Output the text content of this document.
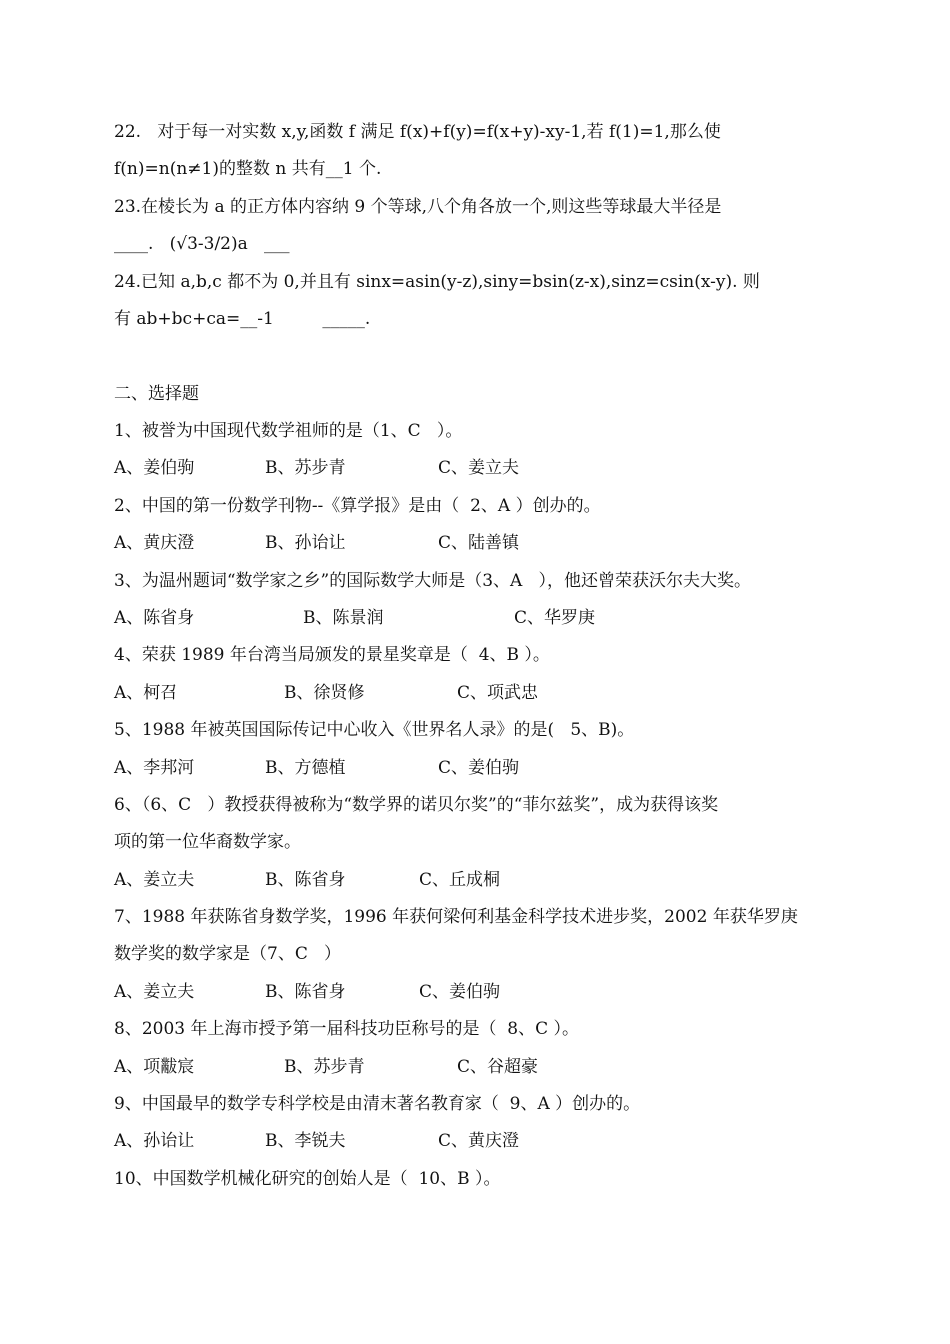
22.   对于每一对实数 x,y,函数 f 满足 f(x)+f(y)=f(x+y)-xy-1,若 f(1)=1,那么使
f(n)=n(n≠1)的整数 n 共有__1 个.
23.在棱长为 a 的正方体内容纳 9 个等球,八个角各放一个,则这些等球最大半径是
____.   (√3-3/2)a   ___
24.已知 a,b,c 都不为 0,并且有 sinx=asin(y-z),siny=bsin(z-x),sinz=csin(x-y). 则
有 ab+bc+ca=__-1         _____.
二、选择题
1、被誉为中国现代数学祖师的是（1、C   ）。
A、姜伯驹	B、苏步青	C、姜立夫
2、中国的第一份数学刊物--《算学报》是由（  2、A ）创办的。
A、黄庆澄	B、孙诒让	C、陆善镇
3、为温州题词“数学家之乡”的国际数学大师是（3、A   ），他还曾荣获沃尔夫大奖。
A、陈省身	B、陈景润	C、华罗庚
4、荣获 1989 年台湾当局颁发的景星奖章是（  4、B ）。
A、柯召	B、徐贤修	C、项武忠
5、1988 年被英国国际传记中心收入《世界名人录》的是(   5、B)。
A、李邦河	B、方德植	C、姜伯驹
6、（6、C   ）教授获得被称为“数学界的诺贝尔奖”的“菲尔兹奖”，成为获得该奖
项的第一位华裔数学家。
A、姜立夫	B、陈省身	C、丘成桐
7、1988 年获陈省身数学奖，1996 年获何梁何利基金科学技术进步奖，2002 年获华罗庚
数学奖的数学家是（7、C   ）
A、姜立夫	B、陈省身	C、姜伯驹
8、2003 年上海市授予第一届科技功臣称号的是（  8、C ）。
A、项黻宸	B、苏步青	C、谷超豪
9、中国最早的数学专科学校是由清末著名教育家（  9、A ）创办的。
A、孙诒让	B、李锐夫	C、黄庆澄
10、中国数学机械化研究的创始人是（  10、B ）。
